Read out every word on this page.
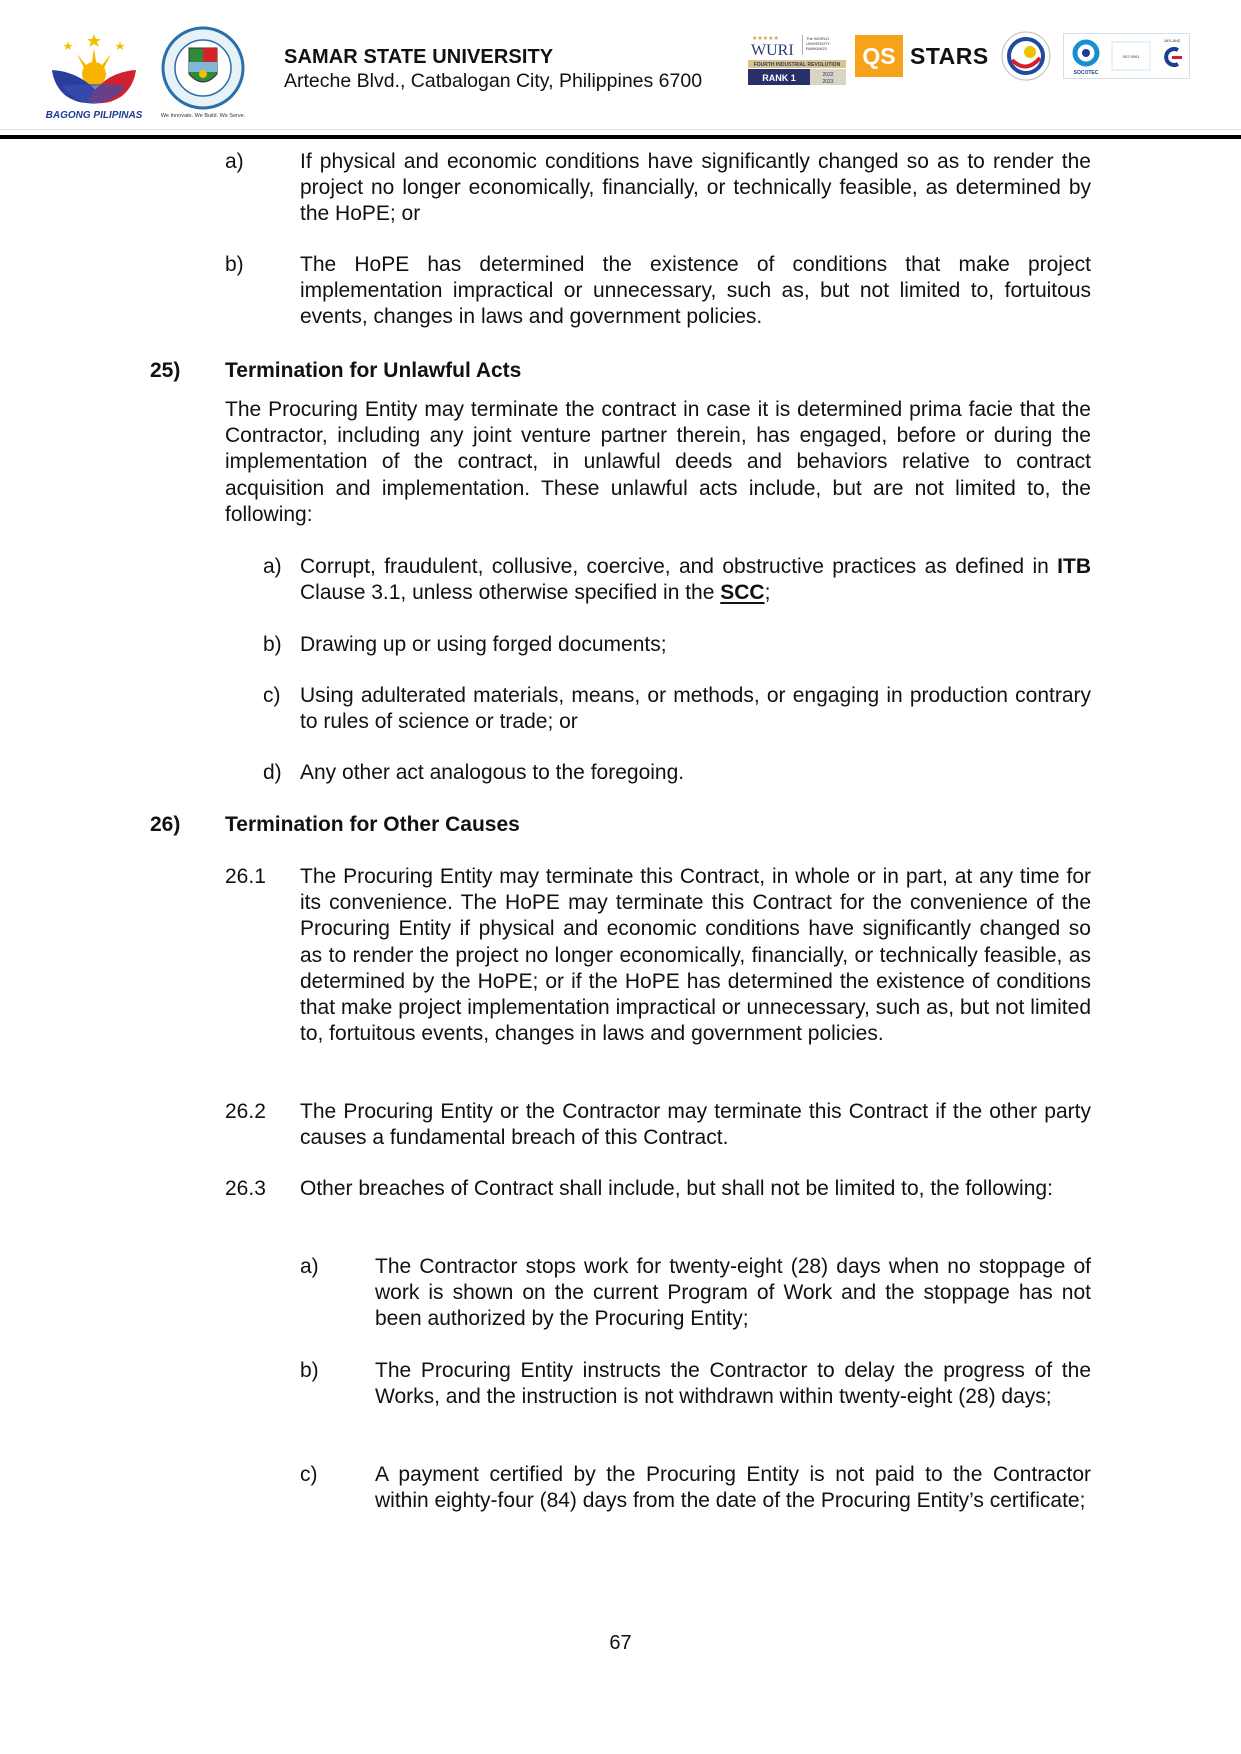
BAGONG PILIPINAS	We Innovate. We Build. We Serve.
SAMAR STATE UNIVERSITY
Arteche Blvd., Catbalogan City, Philippines 6700
★★★★★
WURI
The WORLD
UNIVERSITY
RANKINGS
FOURTH INDUSTRIAL REVOLUTION
RANK 1	2022
2023
QS STARS
SOCOTEC
ISO 9001
JAS-ANZ
a)	If physical and economic conditions have significantly changed so as to render the project no longer economically, financially, or technically feasible, as determined by the HoPE; or
b)	The HoPE has determined the existence of conditions that make project implementation impractical or unnecessary, such as, but not limited to, fortuitous events, changes in laws and government policies.
25) Termination for Unlawful Acts
The Procuring Entity may terminate the contract in case it is determined prima facie that the Contractor, including any joint venture partner therein, has engaged, before or during the implementation of the contract, in unlawful deeds and behaviors relative to contract acquisition and implementation. These unlawful acts include, but are not limited to, the following:
a) Corrupt, fraudulent, collusive, coercive, and obstructive practices as defined in ITB Clause 3.1, unless otherwise specified in the SCC;
b) Drawing up or using forged documents;
c) Using adulterated materials, means, or methods, or engaging in production contrary to rules of science or trade; or
d) Any other act analogous to the foregoing.
26) Termination for Other Causes
26.1 The Procuring Entity may terminate this Contract, in whole or in part, at any time for its convenience. The HoPE may terminate this Contract for the convenience of the Procuring Entity if physical and economic conditions have significantly changed so as to render the project no longer economically, financially, or technically feasible, as determined by the HoPE; or if the HoPE has determined the existence of conditions that make project implementation impractical or unnecessary, such as, but not limited to, fortuitous events, changes in laws and government policies.
26.2 The Procuring Entity or the Contractor may terminate this Contract if the other party causes a fundamental breach of this Contract.
26.3 Other breaches of Contract shall include, but shall not be limited to, the following:
a)	The Contractor stops work for twenty-eight (28) days when no stoppage of work is shown on the current Program of Work and the stoppage has not been authorized by the Procuring Entity;
b)	The Procuring Entity instructs the Contractor to delay the progress of the Works, and the instruction is not withdrawn within twenty-eight (28) days;
c)	A payment certified by the Procuring Entity is not paid to the Contractor within eighty-four (84) days from the date of the Procuring Entity’s certificate;
67
